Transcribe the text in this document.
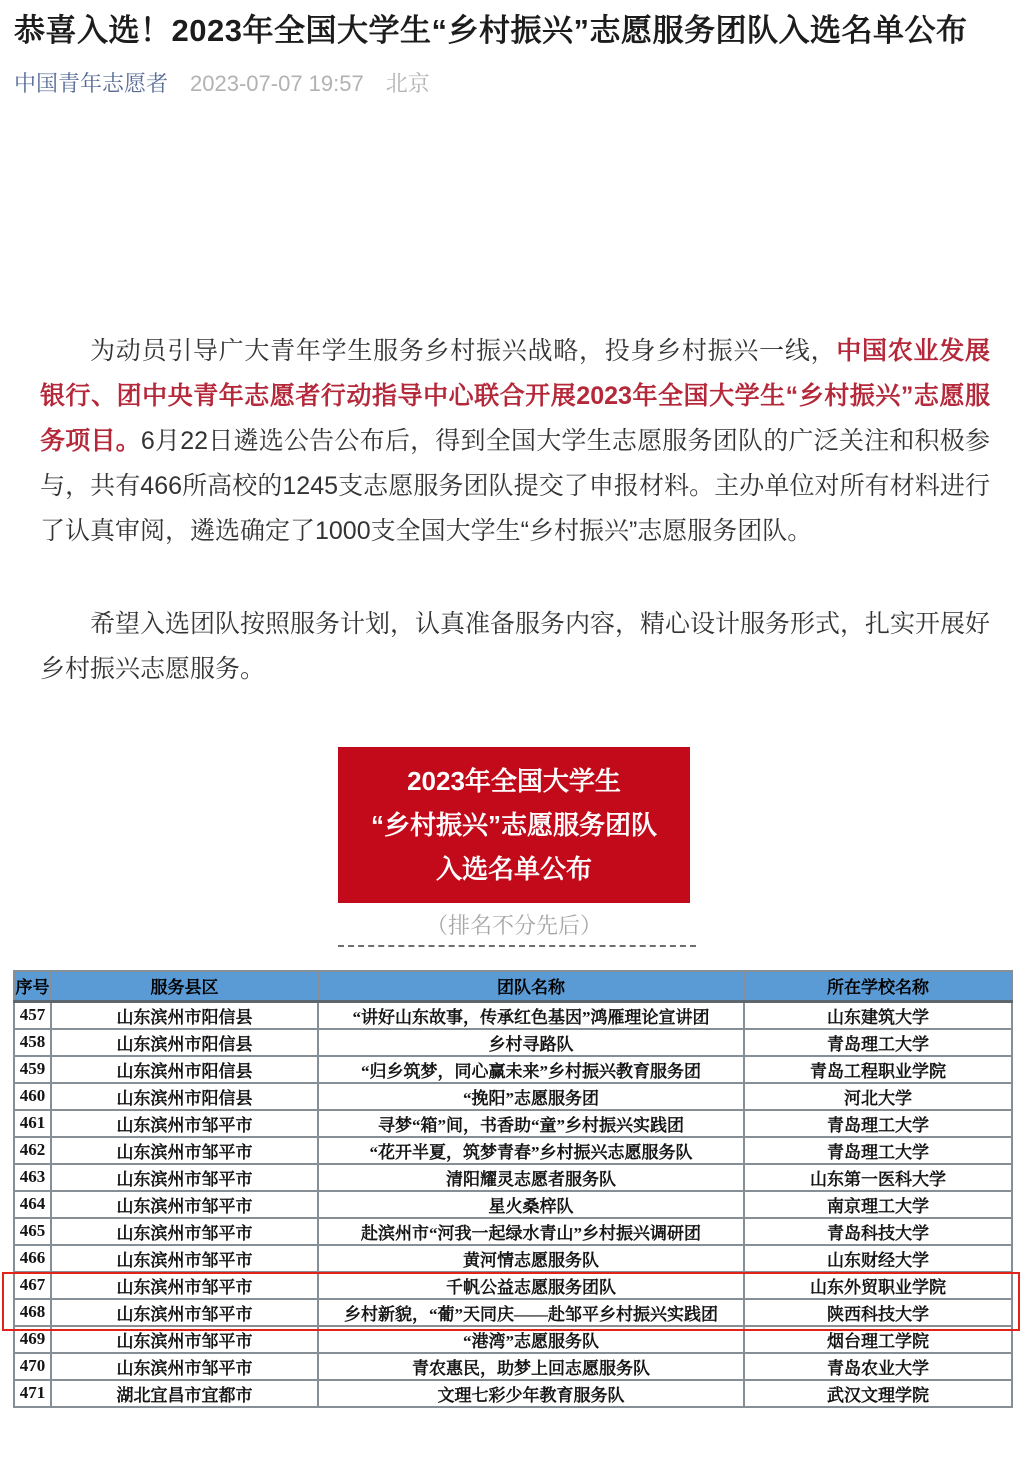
恭喜入选！2023年全国大学生“乡村振兴”志愿服务团队入选名单公布
中国青年志愿者 2023-07-07 19:57 北京

为动员引导广大青年学生服务乡村振兴战略，投身乡村振兴一线，中国农业发展银行、团中央青年志愿者行动指导中心联合开展2023年全国大学生“乡村振兴”志愿服务项目。6月22日遴选公告公布后，得到全国大学生志愿服务团队的广泛关注和积极参与，共有466所高校的1245支志愿服务团队提交了申报材料。主办单位对所有材料进行了认真审阅，遴选确定了1000支全国大学生“乡村振兴”志愿服务团队。

希望入选团队按照服务计划，认真准备服务内容，精心设计服务形式，扎实开展好乡村振兴志愿服务。

2023年全国大学生
“乡村振兴”志愿服务团队
入选名单公布
（排名不分先后）
序号	服务县区	团队名称	所在学校名称
457	山东滨州市阳信县	“讲好山东故事，传承红色基因”鸿雁理论宣讲团	山东建筑大学
458	山东滨州市阳信县	乡村寻路队	青岛理工大学
459	山东滨州市阳信县	“归乡筑梦，同心赢未来”乡村振兴教育服务团	青岛工程职业学院
460	山东滨州市阳信县	“挽阳”志愿服务团	河北大学
461	山东滨州市邹平市	寻梦“箱”间，书香助“童”乡村振兴实践团	青岛理工大学
462	山东滨州市邹平市	“花开半夏，筑梦青春”乡村振兴志愿服务队	青岛理工大学
463	山东滨州市邹平市	清阳耀灵志愿者服务队	山东第一医科大学
464	山东滨州市邹平市	星火桑梓队	南京理工大学
465	山东滨州市邹平市	赴滨州市“河我一起绿水青山”乡村振兴调研团	青岛科技大学
466	山东滨州市邹平市	黄河情志愿服务队	山东财经大学
467	山东滨州市邹平市	千帆公益志愿服务团队	山东外贸职业学院
468	山东滨州市邹平市	乡村新貌，“葡”天同庆——赴邹平乡村振兴实践团	陕西科技大学
469	山东滨州市邹平市	“港湾”志愿服务队	烟台理工学院
470	山东滨州市邹平市	青农惠民，助梦上回志愿服务队	青岛农业大学
471	湖北宜昌市宜都市	文理七彩少年教育服务队	武汉文理学院
